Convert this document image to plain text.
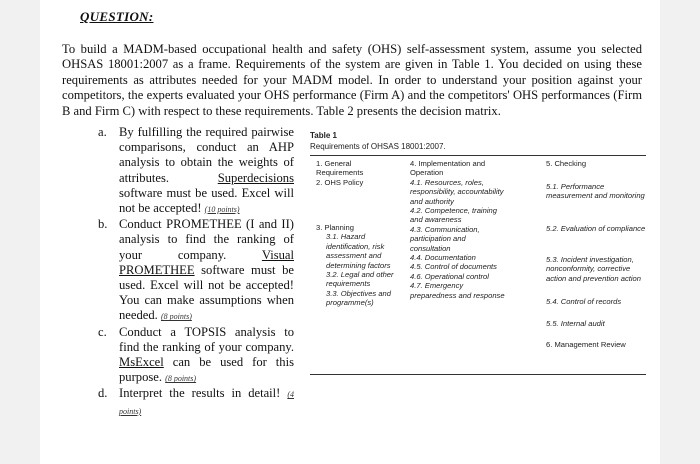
QUESTION:
To build a MADM-based occupational health and safety (OHS) self-assessment system, assume you selected OHSAS 18001:2007 as a frame. Requirements of the system are given in Table 1. You decided on using these requirements as attributes needed for your MADM model. In order to understand your position against your competitors, the experts evaluated your OHS performance (Firm A) and the competitors' OHS performances (Firm B and Firm C) with respect to these requirements. Table 2 presents the decision matrix.
a. By fulfilling the required pairwise comparisons, conduct an AHP analysis to obtain the weights of attributes. Superdecisions software must be used. Excel will not be accepted! (10 points)
b. Conduct PROMETHEE (I and II) analysis to find the ranking of your company. Visual PROMETHEE software must be used. Excel will not be accepted! You can make assumptions when needed. (8 points)
c. Conduct a TOPSIS analysis to find the ranking of your company. MsExcel can be used for this purpose. (8 points)
d. Interpret the results in detail! (4 points)
Table 1
Requirements of OHSAS 18001:2007.
1. General Requirements
2. OHS Policy
3. Planning
3.1. Hazard identification, risk assessment and determining factors
3.2. Legal and other requirements
3.3. Objectives and programme(s)
4. Implementation and Operation
4.1. Resources, roles, responsibility, accountability and authority
4.2. Competence, training and awareness
4.3. Communication, participation and consultation
4.4. Documentation
4.5. Control of documents
4.6. Operational control
4.7. Emergency preparedness and response
5. Checking
5.1. Performance measurement and monitoring
5.2. Evaluation of compliance
5.3. Incident investigation, nonconformity, corrective action and prevention action
5.4. Control of records
5.5. Internal audit
6. Management Review
